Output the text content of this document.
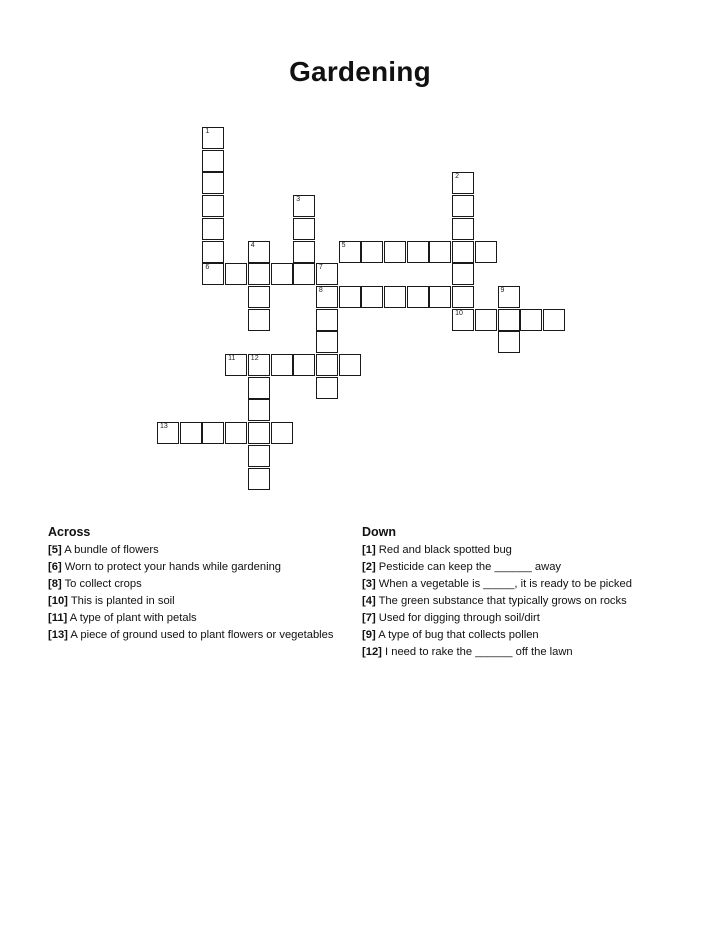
Gardening
1
6
2
3
4	5
7
8	9
10
11 12
13
Across

[5] A bundle of flowers

[6] Worn to protect your hands while gardening

[8] To collect crops

[10] This is planted in soil

[11] A type of plant with petals

[13] A piece of ground used to plant flowers or vegetables

Down

[1] Red and black spotted bug

[2] Pesticide can keep the ______ away

[3] When a vegetable is _____, it is ready to be picked

[4] The green substance that typically grows on rocks

[7] Used for digging through soil/dirt

[9] A type of bug that collects pollen

[12] I need to rake the ______ off the lawn
